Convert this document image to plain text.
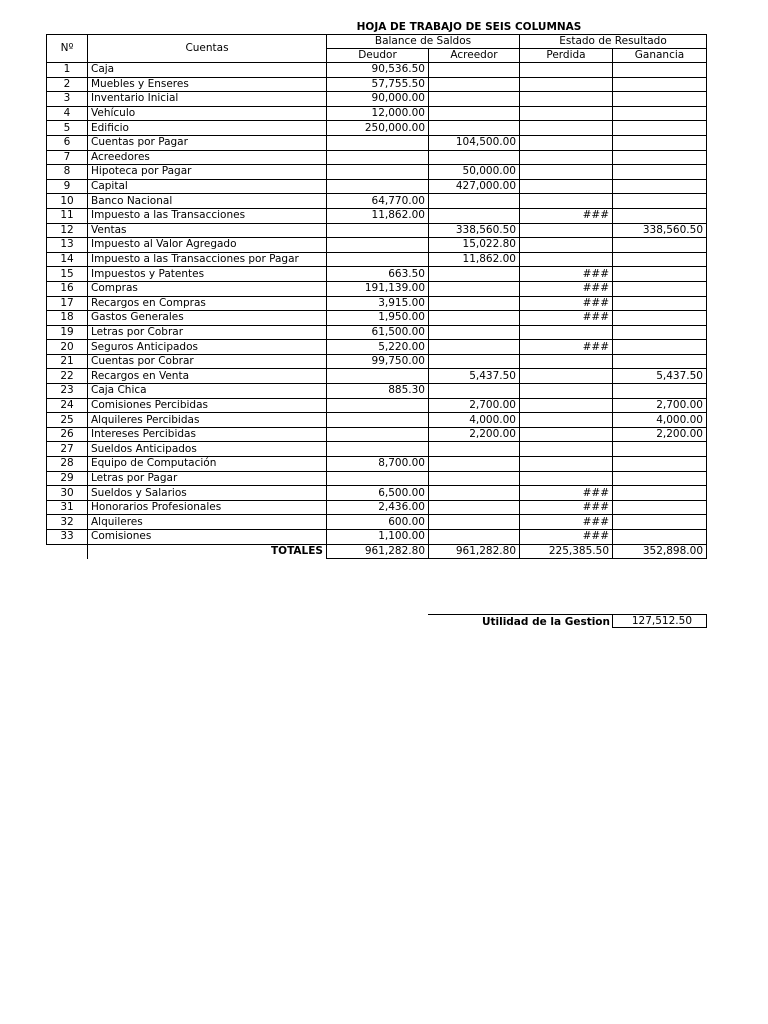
HOJA DE TRABAJO DE SEIS COLUMNAS
Nº	Cuentas	Balance de Saldos		Estado de Resultado	
		Deudor	Acreedor	Perdida	Ganancia
1	Caja	90,536.50			
2	Muebles y Enseres	57,755.50			
3	Inventario Inicial	90,000.00			
4	Vehículo	12,000.00			
5	Edificio	250,000.00			
6	Cuentas por Pagar		104,500.00		
7	Acreedores				
8	Hipoteca por Pagar		50,000.00		
9	Capital		427,000.00		
10	Banco Nacional	64,770.00			
11	Impuesto a las Transacciones	11,862.00		###	
12	Ventas		338,560.50		338,560.50
13	Impuesto al Valor Agregado		15,022.80		
14	Impuesto a las Transacciones por Pagar		11,862.00		
15	Impuestos y Patentes	663.50		###	
16	Compras	191,139.00		###	
17	Recargos en Compras	3,915.00		###	
18	Gastos Generales	1,950.00		###	
19	Letras por Cobrar	61,500.00			
20	Seguros Anticipados	5,220.00		###	
21	Cuentas por Cobrar	99,750.00			
22	Recargos en Venta		5,437.50		5,437.50
23	Caja Chica	885.30			
24	Comisiones Percibidas		2,700.00		2,700.00
25	Alquileres Percibidas		4,000.00		4,000.00
26	Intereses Percibidas		2,200.00		2,200.00
27	Sueldos Anticipados				
28	Equipo de Computación	8,700.00			
29	Letras por Pagar				
30	Sueldos y Salarios	6,500.00		###	
31	Honorarios Profesionales	2,436.00		###	
32	Alquileres	600.00		###	
33	Comisiones	1,100.00		###	
	TOTALES	961,282.80	961,282.80	225,385.50	352,898.00
Utilidad de la Gestion	127,512.50
